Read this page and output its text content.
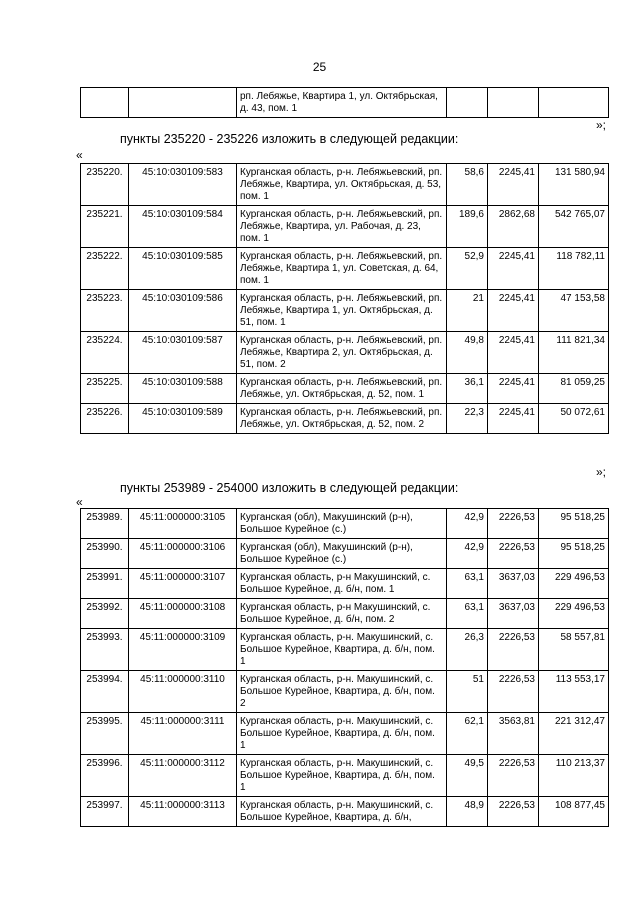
25
		рп. Лебяжье, Квартира 1, ул. Октябрьская, д. 43, пом. 1			
»;
пункты 235220 - 235226 изложить в следующей редакции:
«
235220.	45:10:030109:583	Курганская область, р-н. Лебяжьевский, рп. Лебяжье, Квартира, ул. Октябрьская, д. 53, пом. 1	58,6	2245,41	131 580,94
235221.	45:10:030109:584	Курганская область, р-н. Лебяжьевский, рп. Лебяжье, Квартира, ул. Рабочая, д. 23, пом. 1	189,6	2862,68	542 765,07
235222.	45:10:030109:585	Курганская область, р-н. Лебяжьевский, рп. Лебяжье, Квартира 1, ул. Советская, д. 64, пом. 1	52,9	2245,41	118 782,11
235223.	45:10:030109:586	Курганская область, р-н. Лебяжьевский, рп. Лебяжье, Квартира 1, ул. Октябрьская, д. 51, пом. 1	21	2245,41	47 153,58
235224.	45:10:030109:587	Курганская область, р-н. Лебяжьевский, рп. Лебяжье, Квартира 2, ул. Октябрьская, д. 51, пом. 2	49,8	2245,41	111 821,34
235225.	45:10:030109:588	Курганская область, р-н. Лебяжьевский, рп. Лебяжье, ул. Октябрьская, д. 52, пом. 1	36,1	2245,41	81 059,25
235226.	45:10:030109:589	Курганская область, р-н. Лебяжьевский, рп. Лебяжье, ул. Октябрьская, д. 52, пом. 2	22,3	2245,41	50 072,61
»;
пункты 253989 - 254000 изложить в следующей редакции:
«
253989.	45:11:000000:3105	Курганская (обл), Макушинский (р-н), Большое Курейное (с.)	42,9	2226,53	95 518,25
253990.	45:11:000000:3106	Курганская (обл), Макушинский (р-н), Большое Курейное (с.)	42,9	2226,53	95 518,25
253991.	45:11:000000:3107	Курганская область, р-н Макушинский, с. Большое Курейное, д. б/н, пом. 1	63,1	3637,03	229 496,53
253992.	45:11:000000:3108	Курганская область, р-н Макушинский, с. Большое Курейное, д. б/н, пом. 2	63,1	3637,03	229 496,53
253993.	45:11:000000:3109	Курганская область, р-н. Макушинский, с. Большое Курейное, Квартира, д. б/н, пом. 1	26,3	2226,53	58 557,81
253994.	45:11:000000:3110	Курганская область, р-н. Макушинский, с. Большое Курейное, Квартира, д. б/н, пом. 2	51	2226,53	113 553,17
253995.	45:11:000000:3111	Курганская область, р-н. Макушинский, с. Большое Курейное, Квартира, д. б/н, пом. 1	62,1	3563,81	221 312,47
253996.	45:11:000000:3112	Курганская область, р-н. Макушинский, с. Большое Курейное, Квартира, д. б/н, пом. 1	49,5	2226,53	110 213,37
253997.	45:11:000000:3113	Курганская область, р-н. Макушинский, с. Большое Курейное, Квартира, д. б/н,	48,9	2226,53	108 877,45
